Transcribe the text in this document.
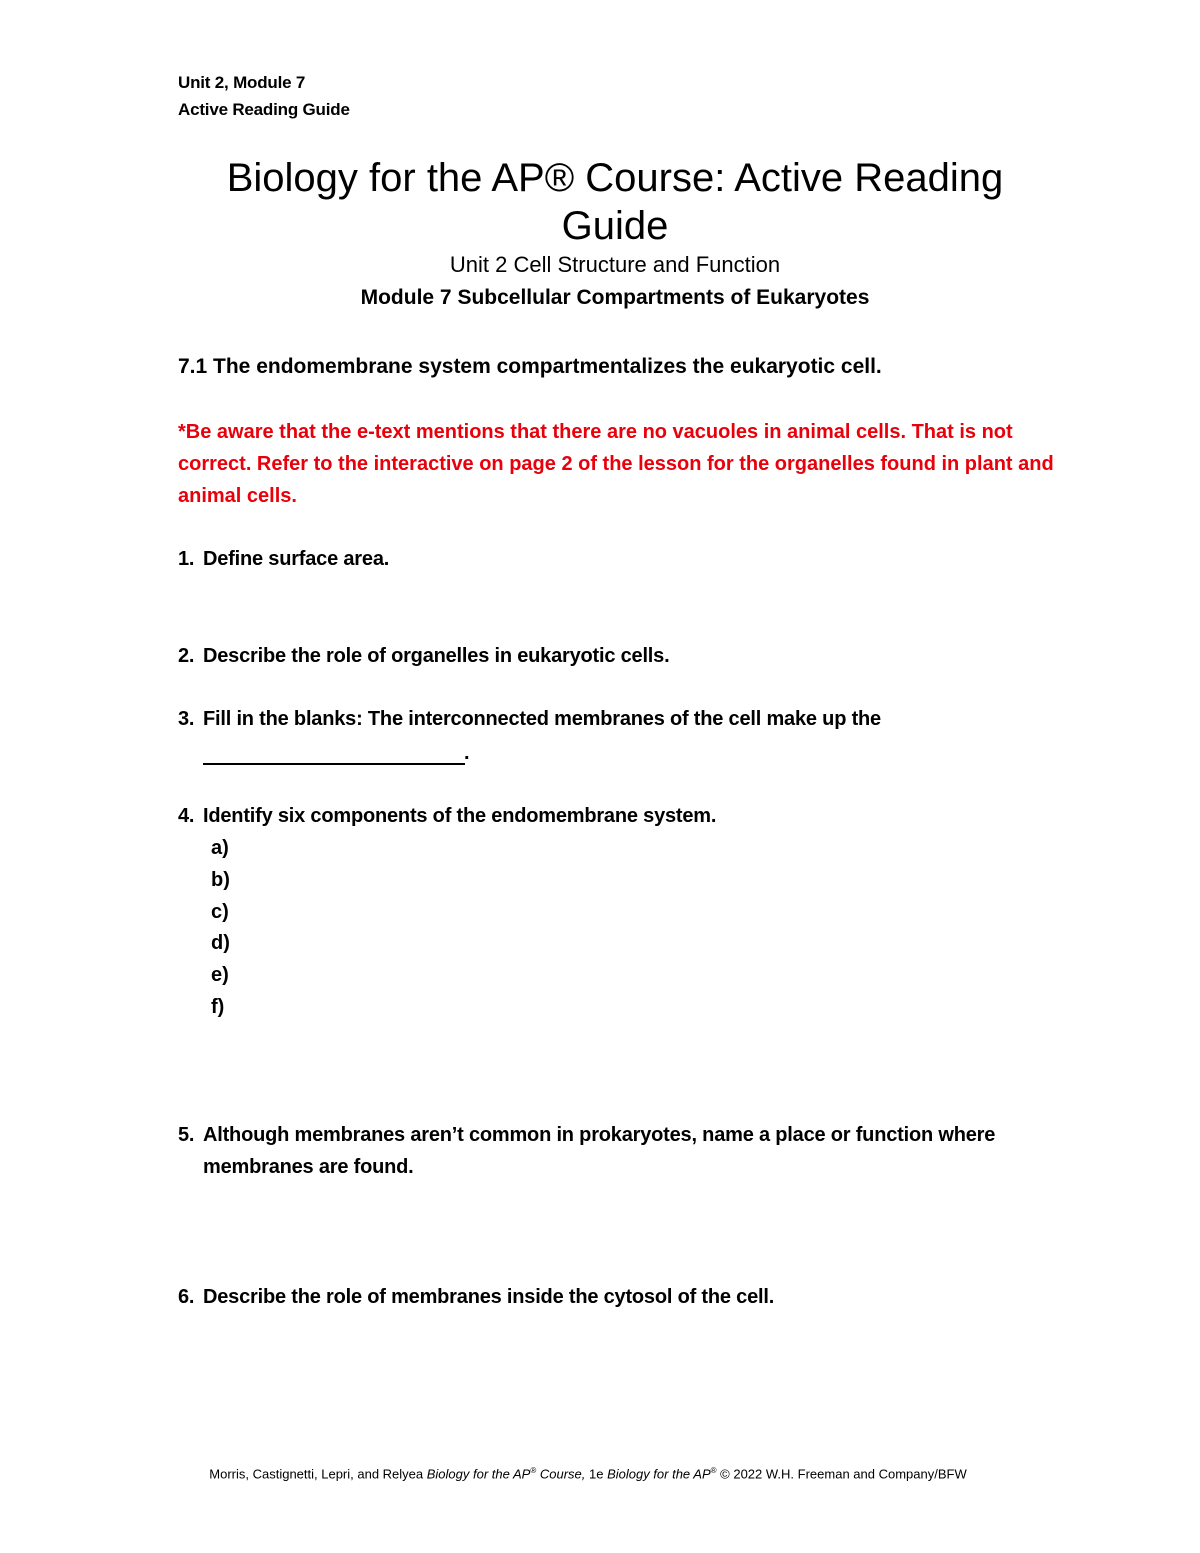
Unit 2, Module 7
Active Reading Guide
Biology for the AP® Course: Active Reading
Guide
Unit 2 Cell Structure and Function
Module 7 Subcellular Compartments of Eukaryotes
7.1 The endomembrane system compartmentalizes the eukaryotic cell.
*Be aware that the e-text mentions that there are no vacuoles in animal cells. That is not correct. Refer to the interactive on page 2 of the lesson for the organelles found in plant and animal cells.
1. Define surface area.
2. Describe the role of organelles in eukaryotic cells.
3. Fill in the blanks: The interconnected membranes of the cell make up the
.
4. Identify six components of the endomembrane system.
a)
b)
c)
d)
e)
f)
5. Although membranes aren’t common in prokaryotes, name a place or function where
membranes are found.
6. Describe the role of membranes inside the cytosol of the cell.
Morris, Castignetti, Lepri, and Relyea Biology for the AP® Course, 1e Biology for the AP® © 2022 W.H. Freeman and Company/BFW
